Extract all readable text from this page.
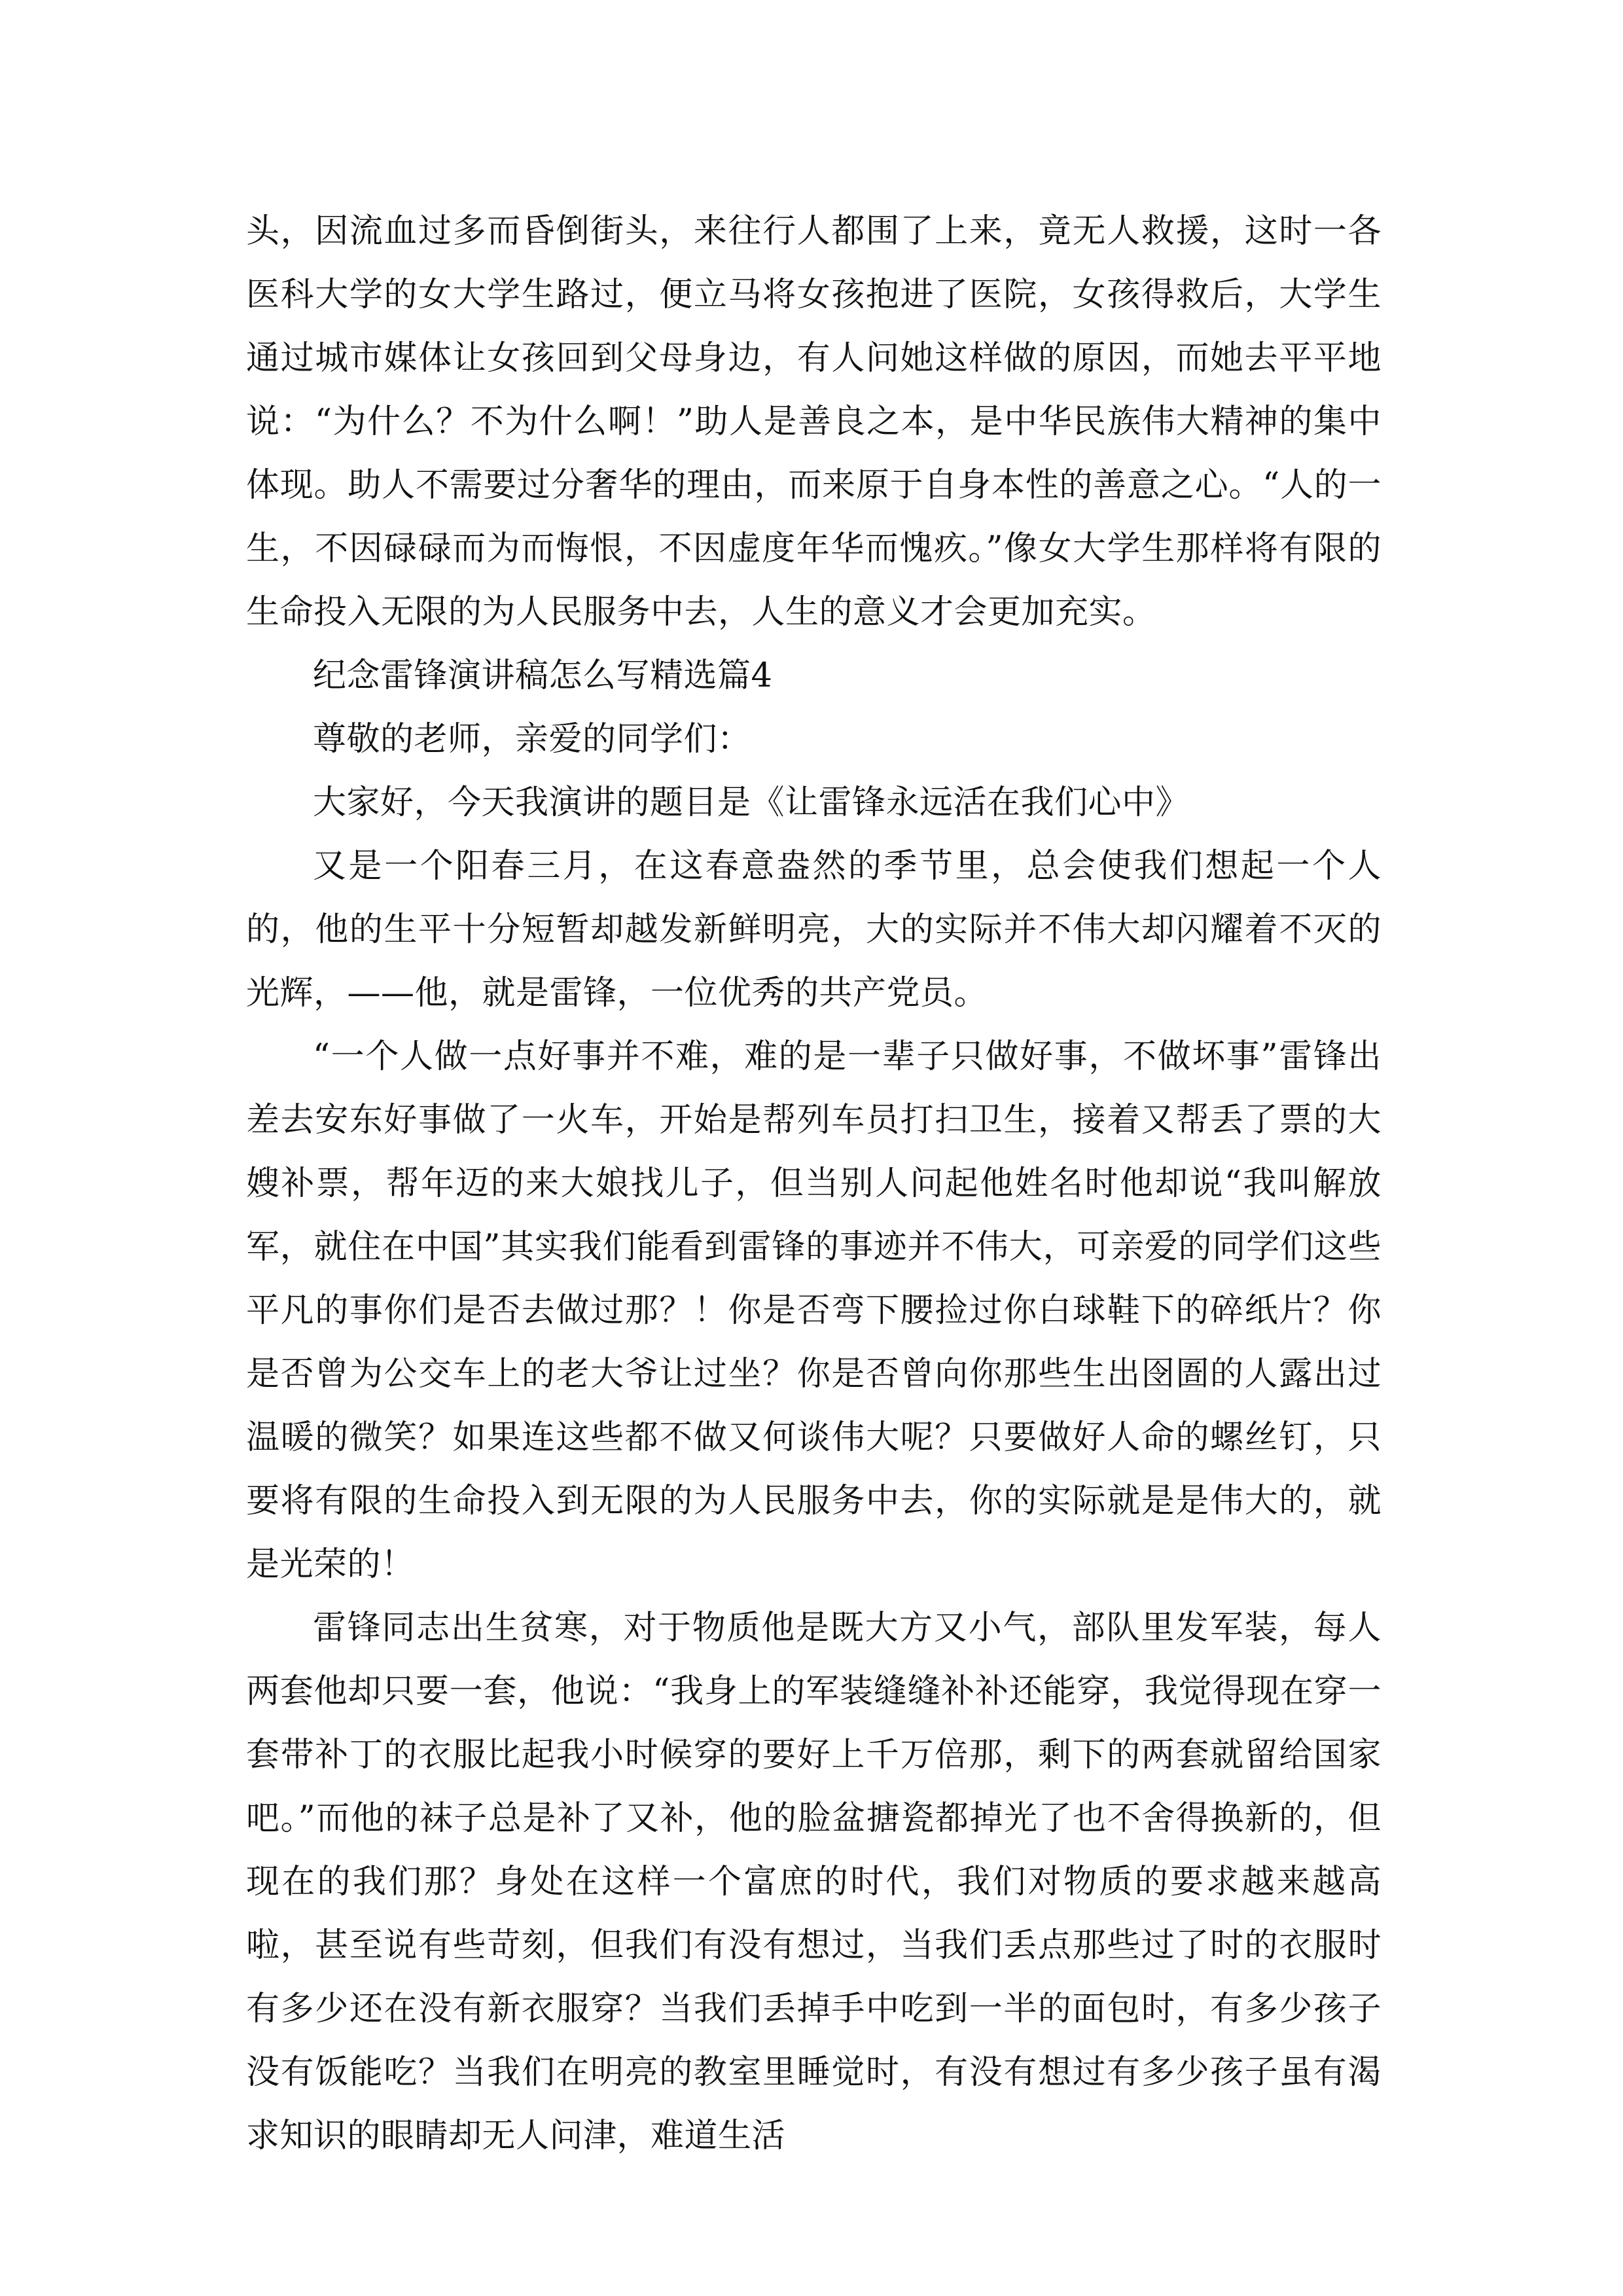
头，因流血过多而昏倒街头，来往行人都围了上来，竟无人救援，这时一各医科大学的女大学生路过，便立马将女孩抱进了医院，女孩得救后，大学生通过城市媒体让女孩回到父母身边，有人问她这样做的原因，而她去平平地说：“为什么？不为什么啊！”助人是善良之本，是中华民族伟大精神的集中体现。助人不需要过分奢华的理由，而来原于自身本性的善意之心。“人的一生，不因碌碌而为而悔恨，不因虚度年华而愧疚。”像女大学生那样将有限的生命投入无限的为人民服务中去，人生的意义才会更加充实。

纪念雷锋演讲稿怎么写精选篇4

尊敬的老师，亲爱的同学们：

大家好，今天我演讲的题目是《让雷锋永远活在我们心中》

又是一个阳春三月，在这春意盎然的季节里，总会使我们想起一个人的，他的生平十分短暂却越发新鲜明亮，大的实际并不伟大却闪耀着不灭的光辉，——他，就是雷锋，一位优秀的共产党员。

“一个人做一点好事并不难，难的是一辈子只做好事，不做坏事”雷锋出差去安东好事做了一火车，开始是帮列车员打扫卫生，接着又帮丢了票的大嫂补票，帮年迈的来大娘找儿子，但当别人问起他姓名时他却说“我叫解放军，就住在中国”其实我们能看到雷锋的事迹并不伟大，可亲爱的同学们这些平凡的事你们是否去做过那？！你是否弯下腰捡过你白球鞋下的碎纸片？你是否曾为公交车上的老大爷让过坐？你是否曾向你那些生出囹圄的人露出过温暖的微笑？如果连这些都不做又何谈伟大呢？只要做好人命的螺丝钉，只要将有限的生命投入到无限的为人民服务中去，你的实际就是是伟大的，就是光荣的！

雷锋同志出生贫寒，对于物质他是既大方又小气，部队里发军装，每人两套他却只要一套，他说：“我身上的军装缝缝补补还能穿，我觉得现在穿一套带补丁的衣服比起我小时候穿的要好上千万倍那，剩下的两套就留给国家吧。”而他的袜子总是补了又补，他的脸盆搪瓷都掉光了也不舍得换新的，但现在的我们那？身处在这样一个富庶的时代，我们对物质的要求越来越高啦，甚至说有些苛刻，但我们有没有想过，当我们丢点那些过了时的衣服时有多少还在没有新衣服穿？当我们丢掉手中吃到一半的面包时，有多少孩子没有饭能吃？当我们在明亮的教室里睡觉时，有没有想过有多少孩子虽有渴求知识的眼睛却无人问津，难道生活
